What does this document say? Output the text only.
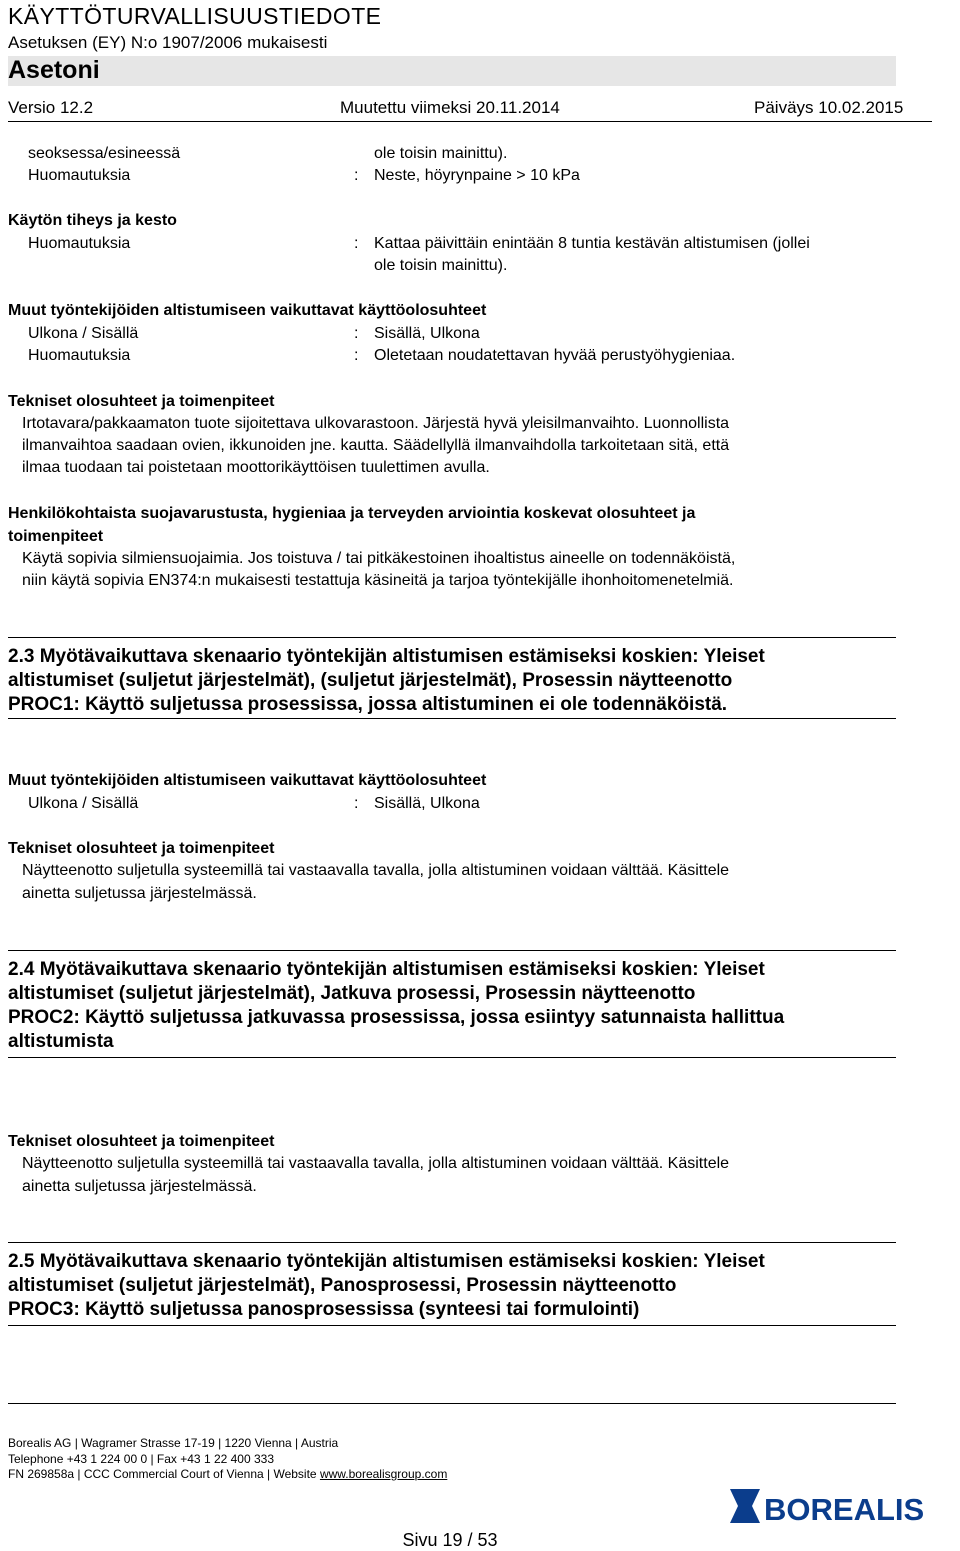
KÄYTTÖTURVALLISUUSTIEDOTE
Asetuksen (EY) N:o 1907/2006 mukaisesti
Asetoni
Versio 12.2	Muutettu viimeksi 20.11.2014	Päiväys 10.02.2015
seoksessa/esineessä	ole toisin mainittu).
Huomautuksia	: Neste, höyrynpaine > 10 kPa
Käytön tiheys ja kesto
Huomautuksia	: Kattaa päivittäin enintään 8 tuntia kestävän altistumisen (jollei
ole toisin mainittu).
Muut työntekijöiden altistumiseen vaikuttavat käyttöolosuhteet
Ulkona / Sisällä	: Sisällä, Ulkona
Huomautuksia	: Oletetaan noudatettavan hyvää perustyöhygieniaa.
Tekniset olosuhteet ja toimenpiteet
Irtotavara/pakkaamaton tuote sijoitettava ulkovarastoon. Järjestä hyvä yleisilmanvaihto. Luonnollista
ilmanvaihtoa saadaan ovien, ikkunoiden jne. kautta. Säädellyllä ilmanvaihdolla tarkoitetaan sitä, että
ilmaa tuodaan tai poistetaan moottorikäyttöisen tuulettimen avulla.
Henkilökohtaista suojavarustusta, hygieniaa ja terveyden arviointia koskevat olosuhteet ja
toimenpiteet
Käytä sopivia silmiensuojaimia. Jos toistuva / tai pitkäkestoinen ihoaltistus aineelle on todennäköistä,
niin käytä sopivia EN374:n mukaisesti testattuja käsineitä ja tarjoa työntekijälle ihonhoitomenetelmiä.
2.3 Myötävaikuttava skenaario työntekijän altistumisen estämiseksi koskien: Yleiset
altistumiset (suljetut järjestelmät), (suljetut järjestelmät), Prosessin näytteenotto
PROC1: Käyttö suljetussa prosessissa, jossa altistuminen ei ole todennäköistä.
Muut työntekijöiden altistumiseen vaikuttavat käyttöolosuhteet
Ulkona / Sisällä	: Sisällä, Ulkona
Tekniset olosuhteet ja toimenpiteet
Näytteenotto suljetulla systeemillä tai vastaavalla tavalla, jolla altistuminen voidaan välttää. Käsittele
ainetta suljetussa järjestelmässä.
2.4 Myötävaikuttava skenaario työntekijän altistumisen estämiseksi koskien: Yleiset
altistumiset (suljetut järjestelmät), Jatkuva prosessi, Prosessin näytteenotto
PROC2: Käyttö suljetussa jatkuvassa prosessissa, jossa esiintyy satunnaista hallittua
altistumista
Tekniset olosuhteet ja toimenpiteet
Näytteenotto suljetulla systeemillä tai vastaavalla tavalla, jolla altistuminen voidaan välttää. Käsittele
ainetta suljetussa järjestelmässä.
2.5 Myötävaikuttava skenaario työntekijän altistumisen estämiseksi koskien: Yleiset
altistumiset (suljetut järjestelmät), Panosprosessi, Prosessin näytteenotto
PROC3: Käyttö suljetussa panosprosessissa (synteesi tai formulointi)
Borealis AG | Wagramer Strasse 17-19 | 1220 Vienna | Austria
Telephone +43 1 224 00 0 | Fax +43 1 22 400 333
FN 269858a | CCC Commercial Court of Vienna | Website www.borealisgroup.com
BOREALIS
Sivu 19 / 53
